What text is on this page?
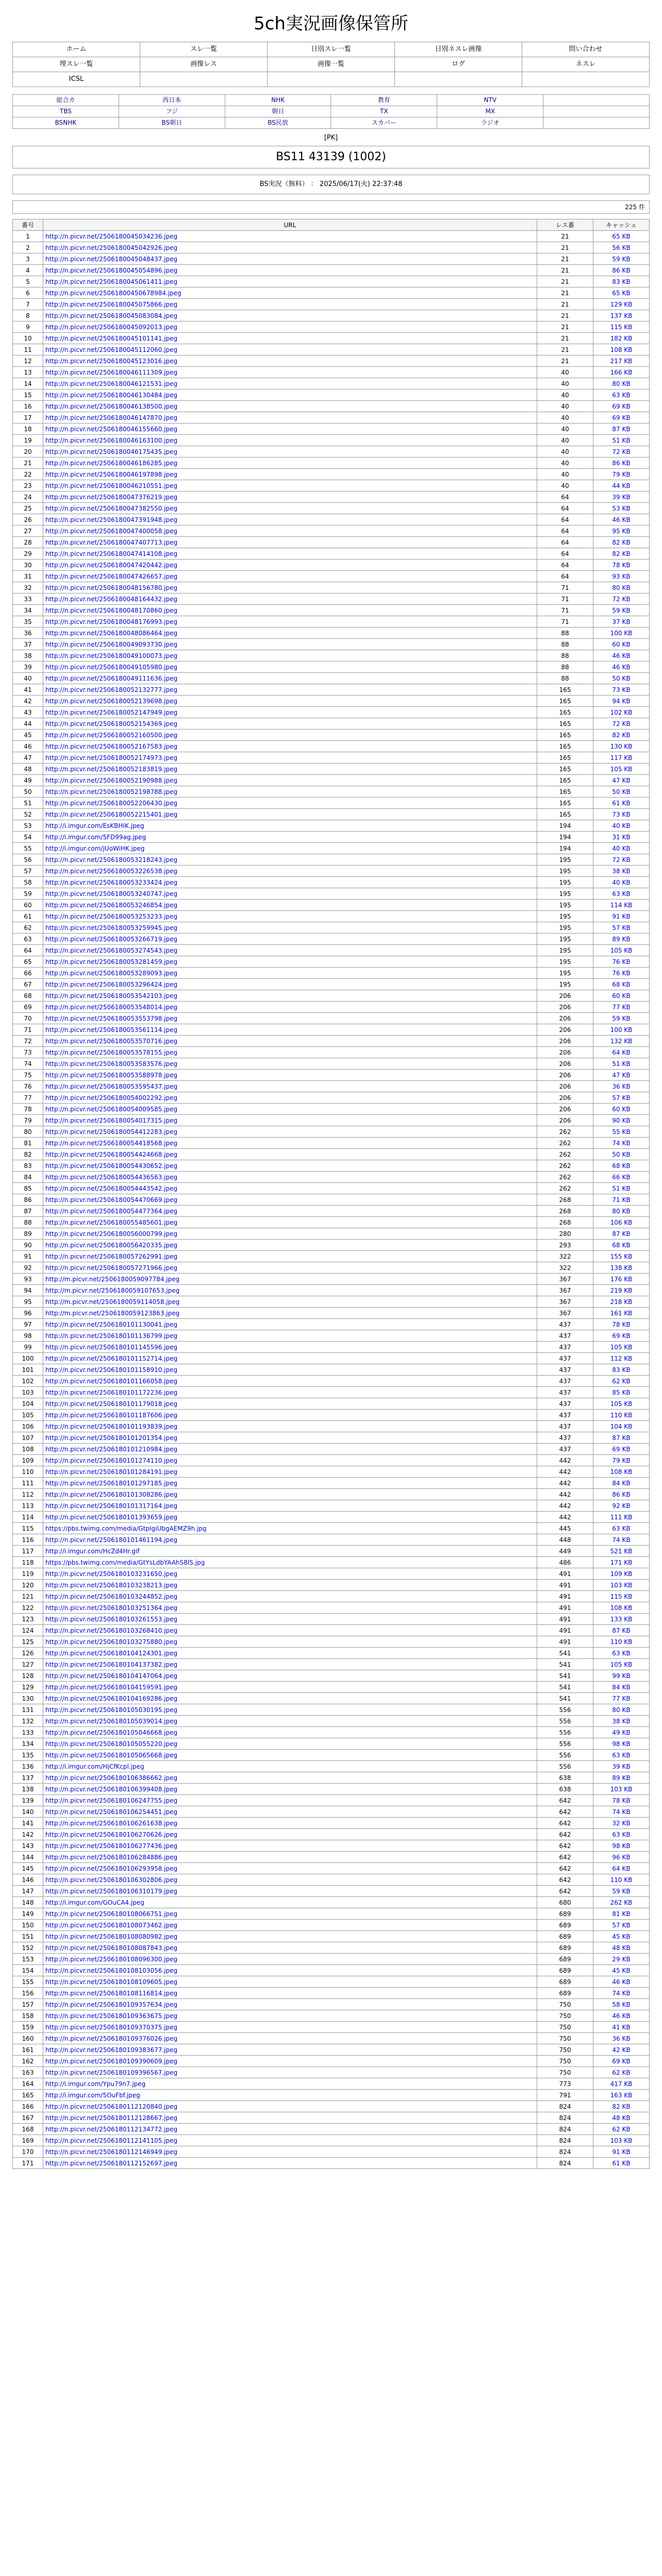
5ch実況画像保管所
ホーム	スレ一覧	日別スレ一覧	日別ネスレ画像	問い合わせ
埋スレ一覧	画像レス	画像一覧	ログ	ネスレ
ICSL

総合カ	西日本	NHK	教育	NTV

TBS	フジ	朝日	TX	MX

BSNHK	BS朝日	BS民放	スカパー	ラジオ

[PK]
BS11 43139 (1002)
BS実況（無料） ： 2025/06/17(火) 22:37:48
225 件
番号	URL	レス番	キャッシュ
1	http://n.picvr.net/2506180045034236.jpeg	21	65 KB
2	http://n.picvr.net/2506180045042926.jpeg	21	56 KB
3	http://n.picvr.net/2506180045048437.jpeg	21	59 KB
4	http://n.picvr.net/2506180045054896.jpeg	21	86 KB
5	http://n.picvr.net/2506180045061411.jpeg	21	83 KB
6	http://n.picvr.net/25061800450678984.jpeg	21	65 KB
7	http://n.picvr.net/2506180045075866.jpeg	21	129 KB
8	http://n.picvr.net/2506180045083084.jpeg	21	137 KB
9	http://n.picvr.net/2506180045092013.jpeg	21	115 KB
10	http://n.picvr.net/2506180045101141.jpeg	21	182 KB
11	http://n.picvr.net/2506180045112060.jpeg	21	108 KB
12	http://n.picvr.net/2506180045123016.jpeg	21	217 KB
13	http://n.picvr.net/2506180046111309.jpeg	40	166 KB
14	http://n.picvr.net/2506180046121531.jpeg	40	80 KB
15	http://n.picvr.net/2506180046130484.jpeg	40	63 KB
16	http://n.picvr.net/2506180046138500.jpeg	40	69 KB
17	http://n.picvr.net/2506180046147870.jpeg	40	69 KB
18	http://n.picvr.net/2506180046155660.jpeg	40	87 KB
19	http://n.picvr.net/2506180046163100.jpeg	40	51 KB
20	http://n.picvr.net/2506180046175435.jpeg	40	72 KB
21	http://n.picvr.net/2506180046186285.jpeg	40	86 KB
22	http://n.picvr.net/2506180046197898.jpeg	40	79 KB
23	http://n.picvr.net/2506180046210551.jpeg	40	44 KB
24	http://n.picvr.net/2506180047376219.jpeg	64	39 KB
25	http://n.picvr.net/2506180047382550.jpeg	64	53 KB
26	http://n.picvr.net/2506180047391948.jpeg	64	46 KB
27	http://n.picvr.net/2506180047400058.jpeg	64	95 KB
28	http://n.picvr.net/2506180047407713.jpeg	64	82 KB
29	http://n.picvr.net/2506180047414108.jpeg	64	82 KB
30	http://n.picvr.net/2506180047420442.jpeg	64	78 KB
31	http://n.picvr.net/2506180047426657.jpeg	64	93 KB
32	http://n.picvr.net/2506180048156780.jpeg	71	80 KB
33	http://n.picvr.net/2506180048164432.jpeg	71	72 KB
34	http://n.picvr.net/2506180048170860.jpeg	71	59 KB
35	http://n.picvr.net/2506180048176993.jpeg	71	37 KB
36	http://n.picvr.net/2506180048086464.jpeg	88	100 KB
37	http://n.picvr.net/2506180049093730.jpeg	88	60 KB
38	http://n.picvr.net/2506180049100073.jpeg	88	46 KB
39	http://n.picvr.net/2506180049105980.jpeg	88	46 KB
40	http://n.picvr.net/2506180049111636.jpeg	88	50 KB
41	http://n.picvr.net/2506180052132777.jpeg	165	73 KB
42	http://n.picvr.net/2506180052139698.jpeg	165	94 KB
43	http://n.picvr.net/2506180052147949.jpeg	165	102 KB
44	http://n.picvr.net/2506180052154369.jpeg	165	72 KB
45	http://n.picvr.net/2506180052160500.jpeg	165	82 KB
46	http://n.picvr.net/2506180052167583.jpeg	165	130 KB
47	http://n.picvr.net/2506180052174973.jpeg	165	117 KB
48	http://n.picvr.net/2506180052183819.jpeg	165	105 KB
49	http://n.picvr.net/2506180052190988.jpeg	165	47 KB
50	http://n.picvr.net/2506180052198788.jpeg	165	50 KB
51	http://n.picvr.net/2506180052206430.jpeg	165	61 KB
52	http://n.picvr.net/2506180052215401.jpeg	165	73 KB
53	http://i.imgur.com/EsKBHIK.jpeg	194	40 KB
54	http://i.imgur.com/5FD99ag.jpeg	194	31 KB
55	http://i.imgur.com/jUoWiHK.jpeg	194	40 KB
56	http://n.picvr.net/2506180053218243.jpeg	195	72 KB
57	http://n.picvr.net/2506180053226538.jpeg	195	38 KB
58	http://n.picvr.net/2506180053233424.jpeg	195	40 KB
59	http://n.picvr.net/2506180053240747.jpeg	195	63 KB
60	http://n.picvr.net/2506180053246854.jpeg	195	114 KB
61	http://n.picvr.net/2506180053253233.jpeg	195	91 KB
62	http://n.picvr.net/2506180053259945.jpeg	195	57 KB
63	http://n.picvr.net/2506180053266719.jpeg	195	89 KB
64	http://n.picvr.net/2506180053274543.jpeg	195	105 KB
65	http://n.picvr.net/2506180053281459.jpeg	195	76 KB
66	http://n.picvr.net/2506180053289093.jpeg	195	76 KB
67	http://n.picvr.net/2506180053296424.jpeg	195	68 KB
68	http://n.picvr.net/2506180053542103.jpeg	206	60 KB
69	http://n.picvr.net/2506180053548014.jpeg	206	77 KB
70	http://n.picvr.net/2506180053553798.jpeg	206	59 KB
71	http://n.picvr.net/2506180053561114.jpeg	206	100 KB
72	http://n.picvr.net/2506180053570716.jpeg	206	132 KB
73	http://n.picvr.net/2506180053578155.jpeg	206	64 KB
74	http://n.picvr.net/2506180053583576.jpeg	206	51 KB
75	http://n.picvr.net/2506180053588978.jpeg	206	47 KB
76	http://n.picvr.net/2506180053595437.jpeg	206	36 KB
77	http://n.picvr.net/2506180054002292.jpeg	206	57 KB
78	http://n.picvr.net/2506180054009585.jpeg	206	60 KB
79	http://n.picvr.net/2506180054017315.jpeg	206	90 KB
80	http://n.picvr.net/2506180054412283.jpeg	262	55 KB
81	http://n.picvr.net/2506180054418568.jpeg	262	74 KB
82	http://n.picvr.net/2506180054424668.jpeg	262	50 KB
83	http://n.picvr.net/2506180054430652.jpeg	262	68 KB
84	http://n.picvr.net/2506180054436563.jpeg	262	66 KB
85	http://n.picvr.net/2506180054443542.jpeg	262	51 KB
86	http://n.picvr.net/2506180054470669.jpeg	268	71 KB
87	http://n.picvr.net/2506180054477364.jpeg	268	80 KB
88	http://n.picvr.net/2506180055485601.jpeg	268	106 KB
89	http://n.picvr.net/2506180056000799.jpeg	280	87 KB
90	http://n.picvr.net/2506180056420335.jpeg	293	68 KB
91	http://n.picvr.net/2506180057262991.jpeg	322	155 KB
92	http://n.picvr.net/2506180057271966.jpeg	322	138 KB
93	http://m.picvr.net/2506180059097784.jpeg	367	176 KB
94	http://m.picvr.net/2506180059107653.jpeg	367	219 KB
95	http://m.picvr.net/2506180059114058.jpeg	367	218 KB
96	http://m.picvr.net/2506180059123863.jpeg	367	161 KB
97	http://n.picvr.net/2506180101130041.jpeg	437	78 KB
98	http://n.picvr.net/2506180101136799.jpeg	437	69 KB
99	http://n.picvr.net/2506180101145596.jpeg	437	105 KB
100	http://n.picvr.net/2506180101152714.jpeg	437	112 KB
101	http://n.picvr.net/2506180101158910.jpeg	437	83 KB
102	http://n.picvr.net/2506180101166058.jpeg	437	62 KB
103	http://n.picvr.net/2506180101172236.jpeg	437	85 KB
104	http://n.picvr.net/2506180101179018.jpeg	437	105 KB
105	http://n.picvr.net/2506180101187606.jpeg	437	110 KB
106	http://n.picvr.net/2506180101193839.jpeg	437	104 KB
107	http://n.picvr.net/2506180101201354.jpeg	437	87 KB
108	http://n.picvr.net/2506180101210984.jpeg	437	69 KB
109	http://n.picvr.net/2506180101274110.jpeg	442	79 KB
110	http://n.picvr.net/2506180101284191.jpeg	442	108 KB
111	http://n.picvr.net/2506180101297185.jpeg	442	84 KB
112	http://n.picvr.net/2506180101308286.jpeg	442	86 KB
113	http://n.picvr.net/2506180101317164.jpeg	442	92 KB
114	http://n.picvr.net/2506180101393659.jpeg	442	111 KB
115	https://pbs.twimg.com/media/GtpIgiUbgAEMZ9h.jpg	445	63 KB
116	http://n.picvr.net/2506180101461194.jpeg	448	74 KB
117	http://i.imgur.com/HcZd4Hr.gif	449	521 KB
118	https://pbs.twimg.com/media/GtYsLdbYAAhS8lS.jpg	486	171 KB
119	http://n.picvr.net/2506180103231650.jpeg	491	109 KB
120	http://n.picvr.net/2506180103238213.jpeg	491	103 KB
121	http://n.picvr.net/2506180103244852.jpeg	491	115 KB
122	http://n.picvr.net/2506180103251364.jpeg	491	108 KB
123	http://n.picvr.net/2506180103261553.jpeg	491	133 KB
124	http://n.picvr.net/2506180103268410.jpeg	491	87 KB
125	http://n.picvr.net/2506180103275880.jpeg	491	110 KB
126	http://n.picvr.net/2506180104124301.jpeg	541	63 KB
127	http://n.picvr.net/2506180104137382.jpeg	541	105 KB
128	http://n.picvr.net/2506180104147064.jpeg	541	99 KB
129	http://n.picvr.net/2506180104159591.jpeg	541	84 KB
130	http://n.picvr.net/2506180104169286.jpeg	541	77 KB
131	http://n.picvr.net/2506180105030195.jpeg	556	80 KB
132	http://n.picvr.net/2506180105039014.jpeg	556	38 KB
133	http://n.picvr.net/2506180105046668.jpeg	556	49 KB
134	http://n.picvr.net/2506180105055220.jpeg	556	98 KB
135	http://n.picvr.net/2506180105065668.jpeg	556	63 KB
136	http://i.imgur.com/HjCfKcpl.jpeg	556	39 KB
137	http://n.picvr.net/2506180106386662.jpeg	638	89 KB
138	http://n.picvr.net/2506180106399408.jpeg	638	103 KB
139	http://n.picvr.net/2506180106247755.jpeg	642	78 KB
140	http://n.picvr.net/2506180106254451.jpeg	642	74 KB
141	http://n.picvr.net/2506180106261638.jpeg	642	32 KB
142	http://n.picvr.net/2506180106270626.jpeg	642	63 KB
143	http://n.picvr.net/2506180106277436.jpeg	642	98 KB
144	http://n.picvr.net/2506180106284886.jpeg	642	96 KB
145	http://n.picvr.net/2506180106293958.jpeg	642	64 KB
146	http://n.picvr.net/2506180106302806.jpeg	642	110 KB
147	http://n.picvr.net/2506180106310179.jpeg	642	59 KB
148	http://i.imgur.com/GOuCA4.jpeg	680	262 KB
149	http://n.picvr.net/2506180108066751.jpeg	689	81 KB
150	http://n.picvr.net/2506180108073462.jpeg	689	57 KB
151	http://n.picvr.net/2506180108080982.jpeg	689	45 KB
152	http://n.picvr.net/2506180108087843.jpeg	689	48 KB
153	http://n.picvr.net/2506180108096300.jpeg	689	29 KB
154	http://n.picvr.net/2506180108103056.jpeg	689	45 KB
155	http://n.picvr.net/2506180108109605.jpeg	689	46 KB
156	http://n.picvr.net/2506180108116814.jpeg	689	74 KB
157	http://n.picvr.net/2506180109357634.jpeg	750	58 KB
158	http://n.picvr.net/2506180109363675.jpeg	750	46 KB
159	http://n.picvr.net/2506180109370375.jpeg	750	41 KB
160	http://n.picvr.net/2506180109376026.jpeg	750	36 KB
161	http://n.picvr.net/2506180109383677.jpeg	750	42 KB
162	http://n.picvr.net/2506180109390609.jpeg	750	69 KB
163	http://n.picvr.net/2506180109396567.jpeg	750	62 KB
164	http://i.imgur.com/Ypu79n7.jpeg	773	417 KB
165	http://i.imgur.com/5OuFbf.jpeg	791	163 KB
166	http://n.picvr.net/2506180112120840.jpeg	824	82 KB
167	http://n.picvr.net/2506180112128667.jpeg	824	48 KB
168	http://n.picvr.net/2506180112134772.jpeg	824	62 KB
169	http://n.picvr.net/2506180112141105.jpeg	824	103 KB
170	http://n.picvr.net/2506180112146949.jpeg	824	91 KB
171	http://n.picvr.net/2506180112152697.jpeg	824	61 KB
